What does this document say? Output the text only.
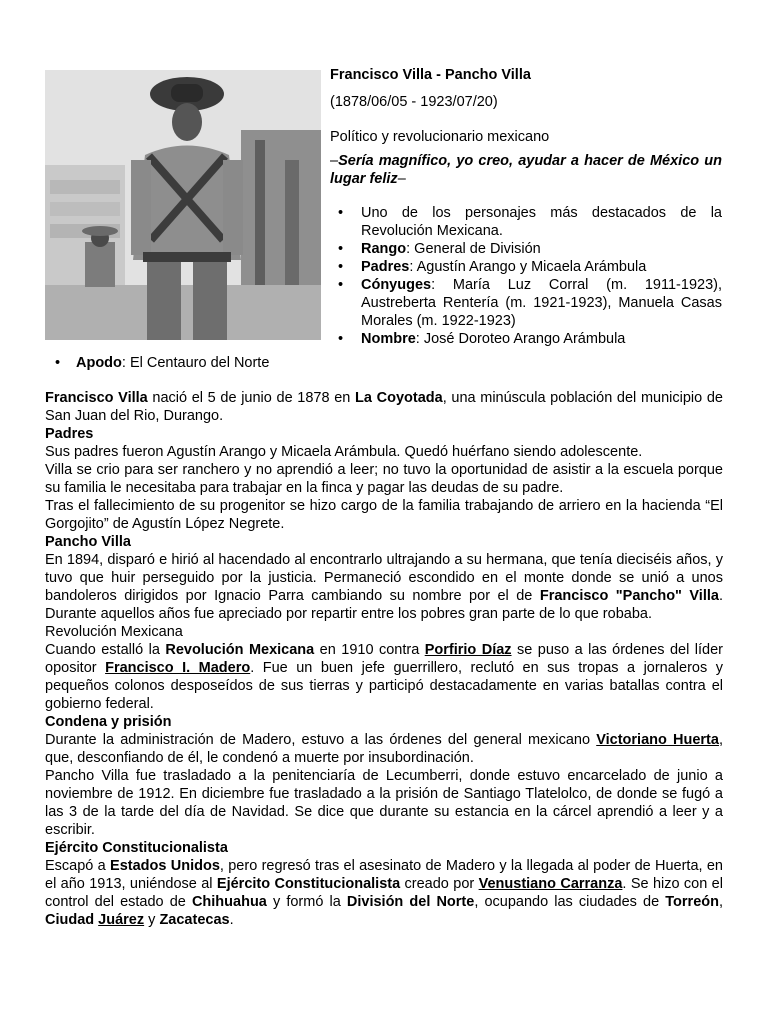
Francisco Villa - Pancho Villa
(1878/06/05 - 1923/07/20)
Político y revolucionario mexicano
–Sería magnífico, yo creo, ayudar a hacer de México un lugar feliz–
• Uno de los personajes más destacados de la Revolución Mexicana.
• Rango: General de División
• Padres: Agustín Arango y Micaela Arámbula
• Cónyuges: María Luz Corral (m. 1911-1923), Austreberta Rentería (m. 1921-1923), Manuela Casas Morales (m. 1922-1923)
• Nombre: José Doroteo Arango Arámbula
• Apodo: El Centauro del Norte

Francisco Villa nació el 5 de junio de 1878 en La Coyotada, una minúscula población del municipio de San Juan del Rio, Durango.

Padres

Sus padres fueron Agustín Arango y Micaela Arámbula. Quedó huérfano siendo adolescente.

Villa se crio para ser ranchero y no aprendió a leer; no tuvo la oportunidad de asistir a la escuela porque su familia le necesitaba para trabajar en la finca y pagar las deudas de su padre.

Tras el fallecimiento de su progenitor se hizo cargo de la familia trabajando de arriero en la hacienda “El Gorgojito” de Agustín López Negrete.

Pancho Villa

En 1894, disparó e hirió al hacendado al encontrarlo ultrajando a su hermana, que tenía dieciséis años, y tuvo que huir perseguido por la justicia. Permaneció escondido en el monte donde se unió a unos bandoleros dirigidos por Ignacio Parra cambiando su nombre por el de Francisco "Pancho" Villa. Durante aquellos años fue apreciado por repartir entre los pobres gran parte de lo que robaba.

Revolución Mexicana

Cuando estalló la Revolución Mexicana en 1910 contra Porfirio Díaz se puso a las órdenes del líder opositor Francisco I. Madero. Fue un buen jefe guerrillero, reclutó en sus tropas a jornaleros y pequeños colonos desposeídos de sus tierras y participó destacadamente en varias batallas contra el gobierno federal.

Condena y prisión

Durante la administración de Madero, estuvo a las órdenes del general mexicano Victoriano Huerta, que, desconfiando de él, le condenó a muerte por insubordinación.

Pancho Villa fue trasladado a la penitenciaría de Lecumberri, donde estuvo encarcelado de junio a noviembre de 1912. En diciembre fue trasladado a la prisión de Santiago Tlatelolco, de donde se fugó a las 3 de la tarde del día de Navidad. Se dice que durante su estancia en la cárcel aprendió a leer y a escribir.

Ejército Constitucionalista

Escapó a Estados Unidos, pero regresó tras el asesinato de Madero y la llegada al poder de Huerta, en el año 1913, uniéndose al Ejército Constitucionalista creado por Venustiano Carranza. Se hizo con el control del estado de Chihuahua y formó la División del Norte, ocupando las ciudades de Torreón, Ciudad Juárez y Zacatecas.
